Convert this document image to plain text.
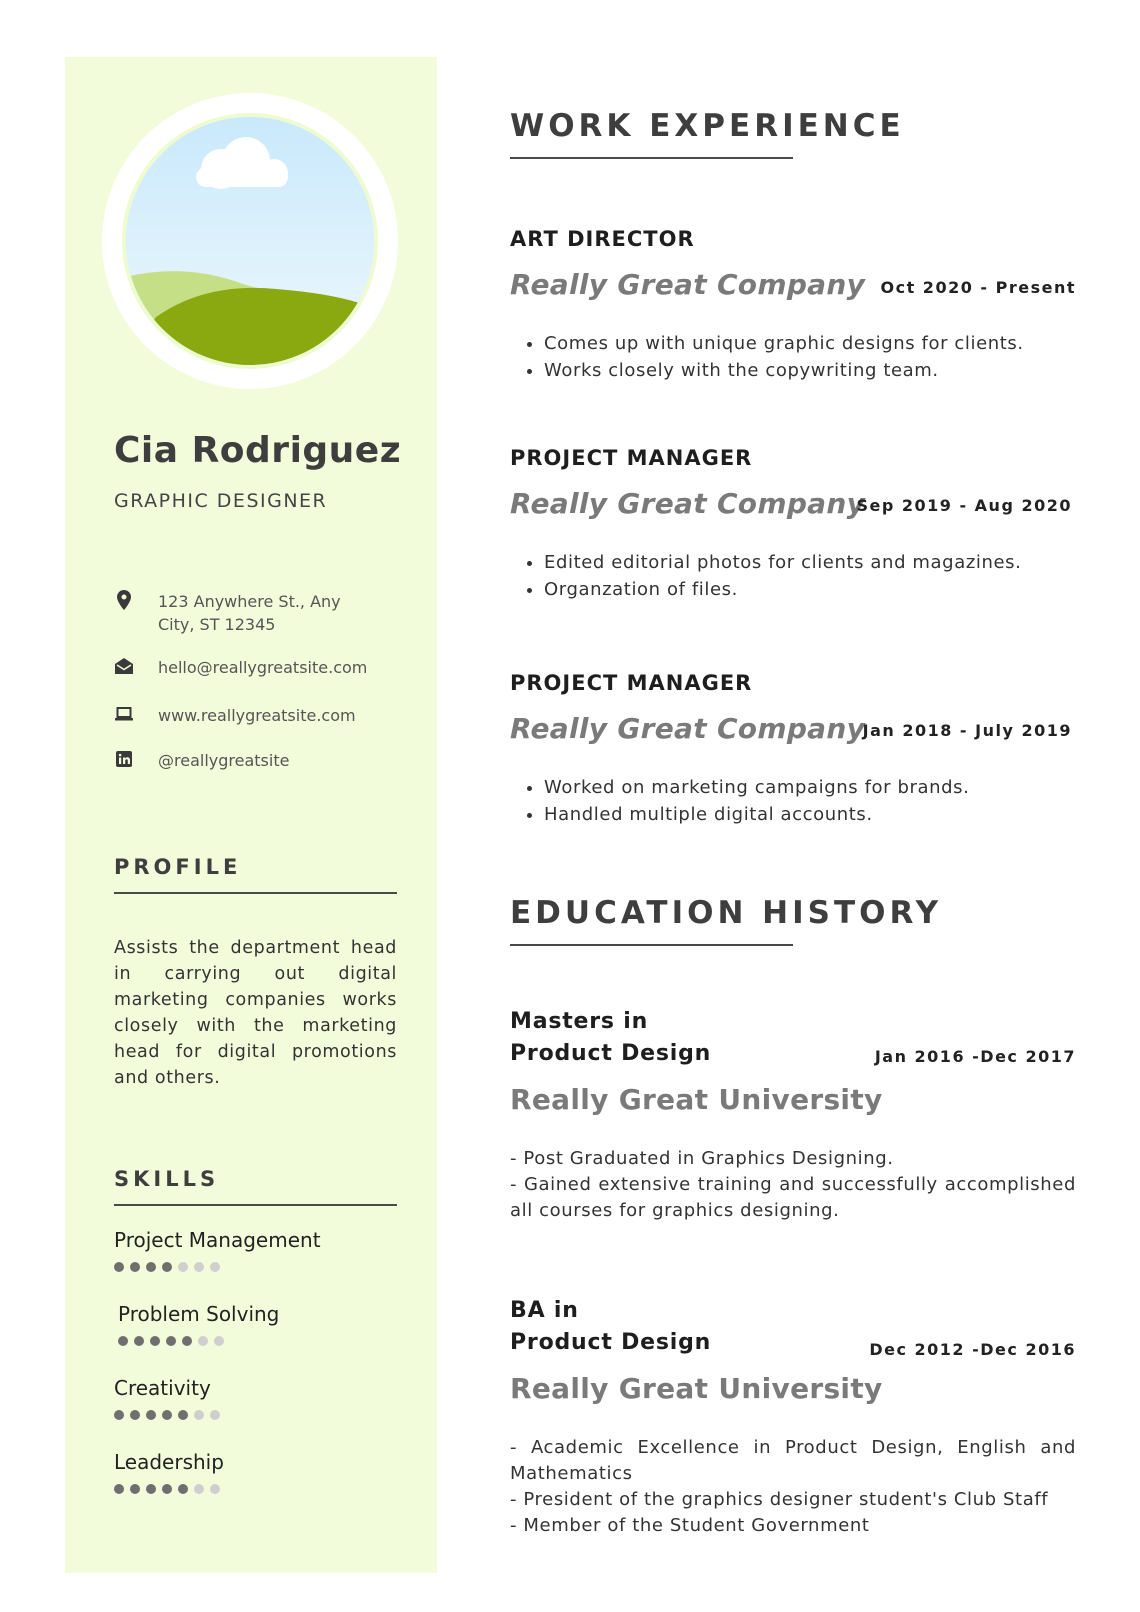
Cia Rodriguez
GRAPHIC DESIGNER
123 Anywhere St., Any City, ST 12345
hello@reallygreatsite.com
www.reallygreatsite.com
@reallygreatsite
PROFILE
Assists the department head in carrying out digital marketing companies works closely with the marketing head for digital promotions and others.
SKILLS
Project Management
Problem Solving
Creativity
Leadership
WORK EXPERIENCE
ART DIRECTOR
Really Great Company Oct 2020 - Present
• Comes up with unique graphic designs for clients.
• Works closely with the copywriting team.
PROJECT MANAGER
Really Great Company
Sep 2019 - Aug 2020
• Edited editorial photos for clients and magazines.
• Organzation of files.
PROJECT MANAGER
Really Great Company
Jan 2018 - July 2019
• Worked on marketing campaigns for brands.
• Handled multiple digital accounts.
EDUCATION HISTORY
Masters in
Product Design	Jan 2016 -Dec 2017
Really Great University
- Post Graduated in Graphics Designing.
- Gained extensive training and successfully accomplished all courses for graphics designing.
BA in
Product Design	Dec 2012 -Dec 2016
Really Great University
- Academic Excellence in Product Design, English and Mathematics
- President of the graphics designer student's Club Staff
- Member of the Student Government
